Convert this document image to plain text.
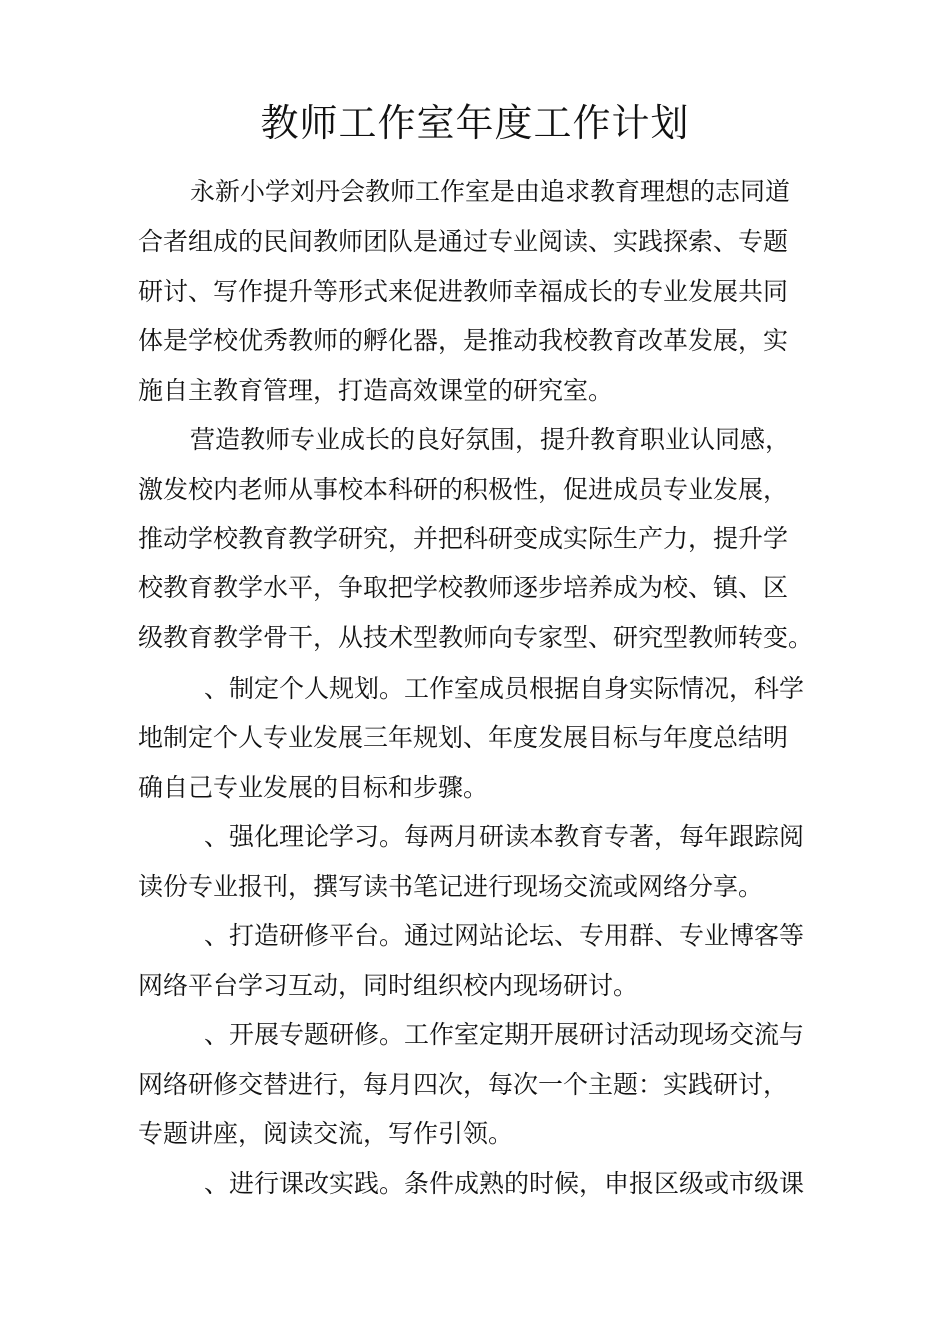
教师工作室年度工作计划

永新小学刘丹会教师工作室是由追求教育理想的志同道

合者组成的民间教师团队是通过专业阅读、实践探索、专题

研讨、写作提升等形式来促进教师幸福成长的专业发展共同

体是学校优秀教师的孵化器，是推动我校教育改革发展，实

施自主教育管理，打造高效课堂的研究室。

营造教师专业成长的良好氛围，提升教育职业认同感，

激发校内老师从事校本科研的积极性，促进成员专业发展，

推动学校教育教学研究，并把科研变成实际生产力，提升学

校教育教学水平，争取把学校教师逐步培养成为校、镇、区

级教育教学骨干，从技术型教师向专家型、研究型教师转变。

、制定个人规划。工作室成员根据自身实际情况，科学

地制定个人专业发展三年规划、年度发展目标与年度总结明

确自己专业发展的目标和步骤。

、强化理论学习。每两月研读本教育专著，每年跟踪阅

读份专业报刊，撰写读书笔记进行现场交流或网络分享。

、打造研修平台。通过网站论坛、专用群、专业博客等

网络平台学习互动，同时组织校内现场研讨。

、开展专题研修。工作室定期开展研讨活动现场交流与

网络研修交替进行，每月四次，每次一个主题：实践研讨，

专题讲座，阅读交流，写作引领。

、进行课改实践。条件成熟的时候，申报区级或市级课
